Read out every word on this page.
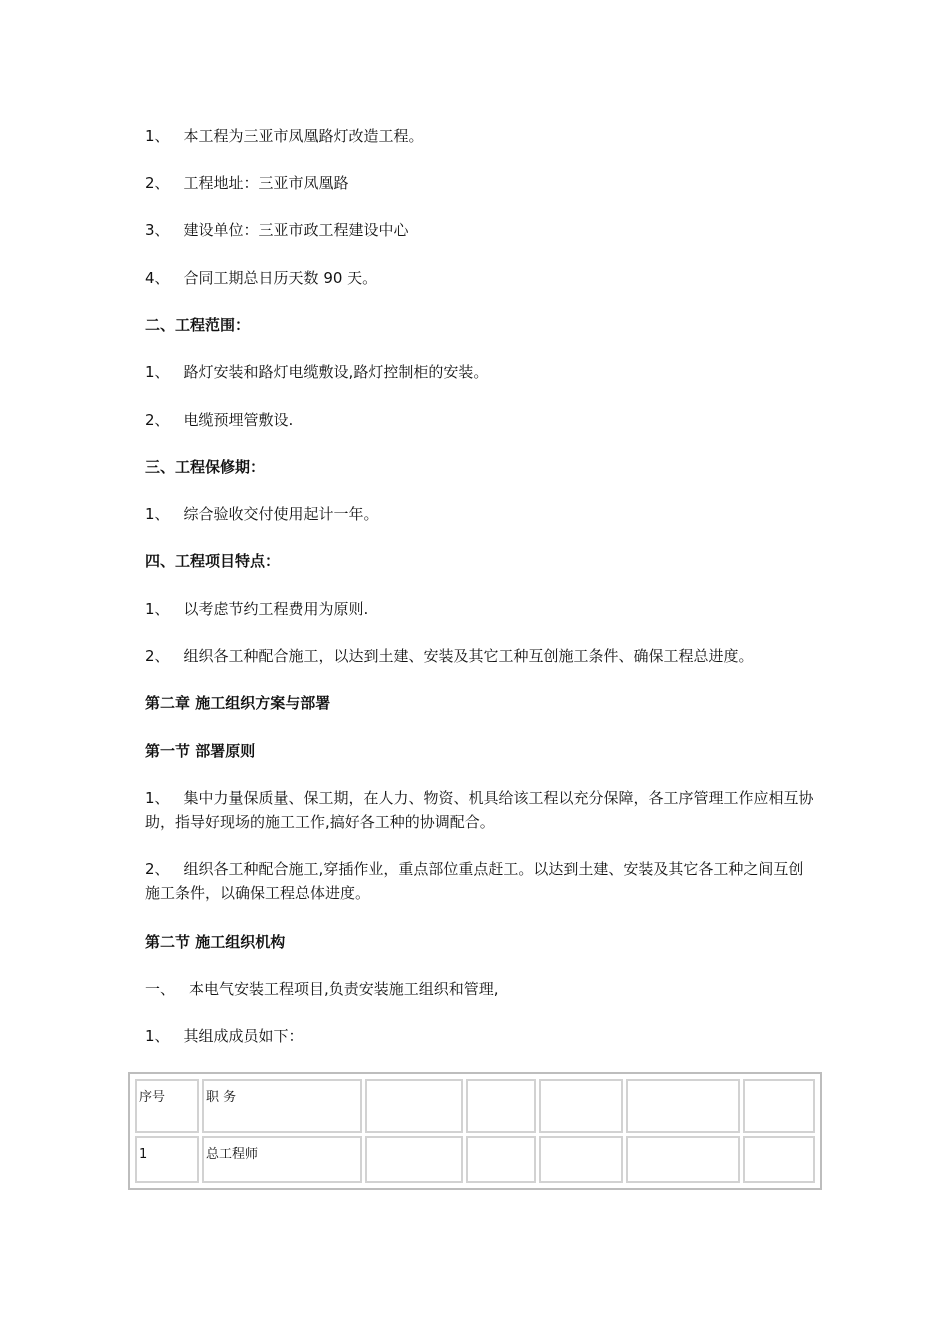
1、 本工程为三亚市凤凰路灯改造工程。
2、 工程地址：三亚市凤凰路
3、 建设单位：三亚市政工程建设中心
4、 合同工期总日历天数 90 天。
二、工程范围：
1、 路灯安装和路灯电缆敷设,路灯控制柜的安装。
2、 电缆预埋管敷设.
三、工程保修期：
1、 综合验收交付使用起计一年。
四、工程项目特点：
1、 以考虑节约工程费用为原则.
2、 组织各工种配合施工，以达到土建、安装及其它工种互创施工条件、确保工程总进度。
第二章 施工组织方案与部署
第一节 部署原则
1、 集中力量保质量、保工期，在人力、物资、机具给该工程以充分保障，各工序管理工作应相互协助，指导好现场的施工工作,搞好各工种的协调配合。
2、 组织各工种配合施工,穿插作业，重点部位重点赶工。以达到土建、安装及其它各工种之间互创施工条件，以确保工程总体进度。
第二节 施工组织机构
一、 本电气安装工程项目,负责安装施工组织和管理,
1、 其组成成员如下：
序号	职 务					
1	总工程师					
